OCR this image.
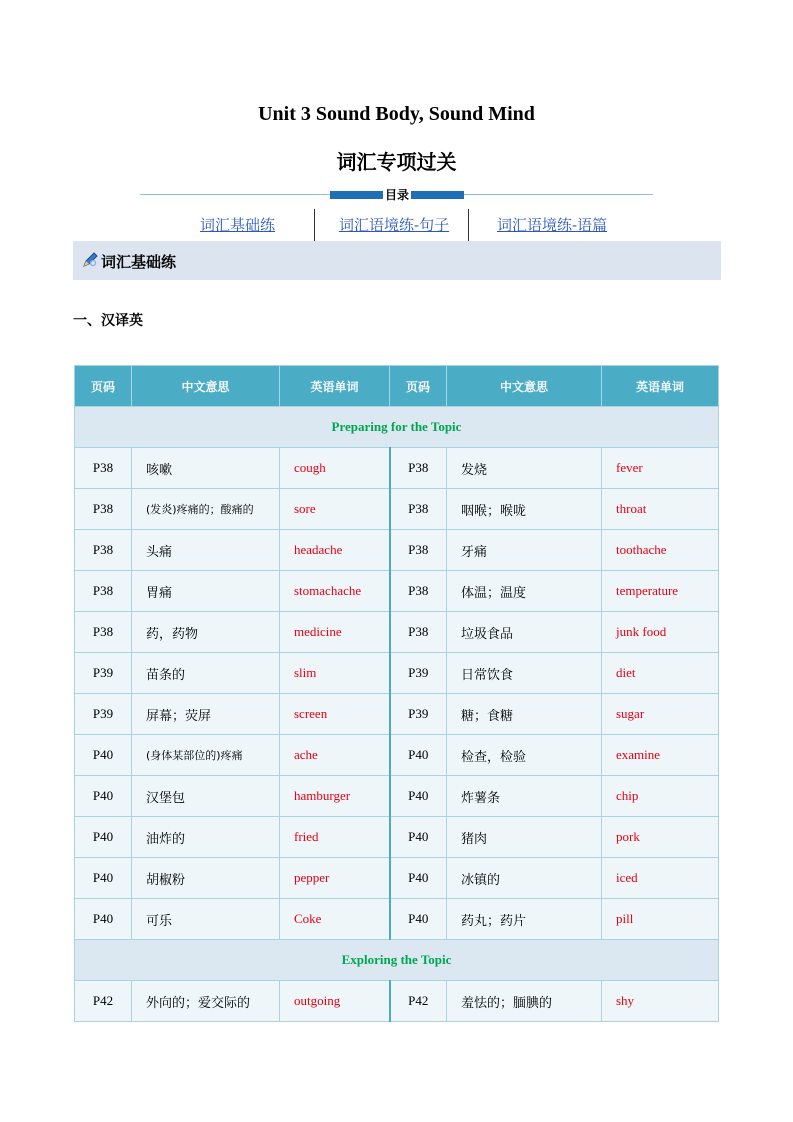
Unit 3 Sound Body, Sound Mind
词汇专项过关
目录
词汇基础练	词汇语境练-句子	词汇语境练-语篇
词汇基础练
一、汉译英
页码	中文意思	英语单词	页码	中文意思	英语单词
Preparing for the Topic					
P38	咳嗽	cough	P38	发烧	fever
P38	(发炎)疼痛的；酸痛的	sore	P38	咽喉；喉咙	throat
P38	头痛	headache	P38	牙痛	toothache
P38	胃痛	stomachache	P38	体温；温度	temperature
P38	药，药物	medicine	P38	垃圾食品	junk food
P39	苗条的	slim	P39	日常饮食	diet
P39	屏幕；荧屏	screen	P39	糖；食糖	sugar
P40	(身体某部位的)疼痛	ache	P40	检查，检验	examine
P40	汉堡包	hamburger	P40	炸薯条	chip
P40	油炸的	fried	P40	猪肉	pork
P40	胡椒粉	pepper	P40	冰镇的	iced
P40	可乐	Coke	P40	药丸；药片	pill
Exploring the Topic					
P42	外向的；爱交际的	outgoing	P42	羞怯的；腼腆的	shy
